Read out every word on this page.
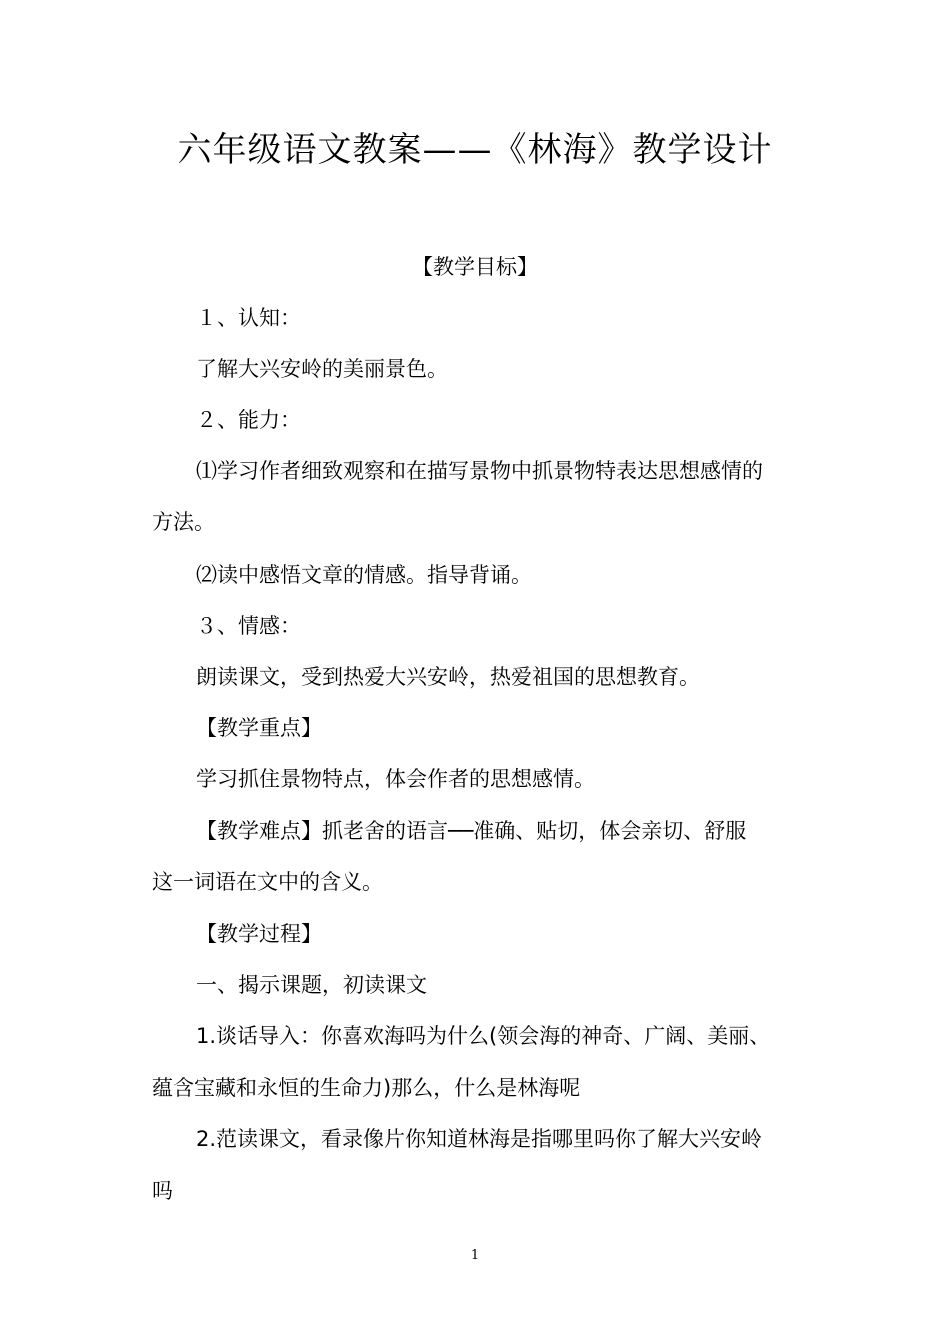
六年级语文教案——《林海》教学设计
【教学目标】
１、认知：
了解大兴安岭的美丽景色。
２、能力：
⑴学习作者细致观察和在描写景物中抓景物特表达思想感情的
方法。
⑵读中感悟文章的情感。指导背诵。
３、情感：
朗读课文，受到热爱大兴安岭，热爱祖国的思想教育。
【教学重点】
学习抓住景物特点，体会作者的思想感情。
【教学难点】抓老舍的语言──准确、贴切，体会亲切、舒服
这一词语在文中的含义。
【教学过程】
一、揭示课题，初读课文
1.谈话导入：你喜欢海吗为什么(领会海的神奇、广阔、美丽、
蕴含宝藏和永恒的生命力)那么，什么是林海呢
2.范读课文，看录像片你知道林海是指哪里吗你了解大兴安岭
吗
1
